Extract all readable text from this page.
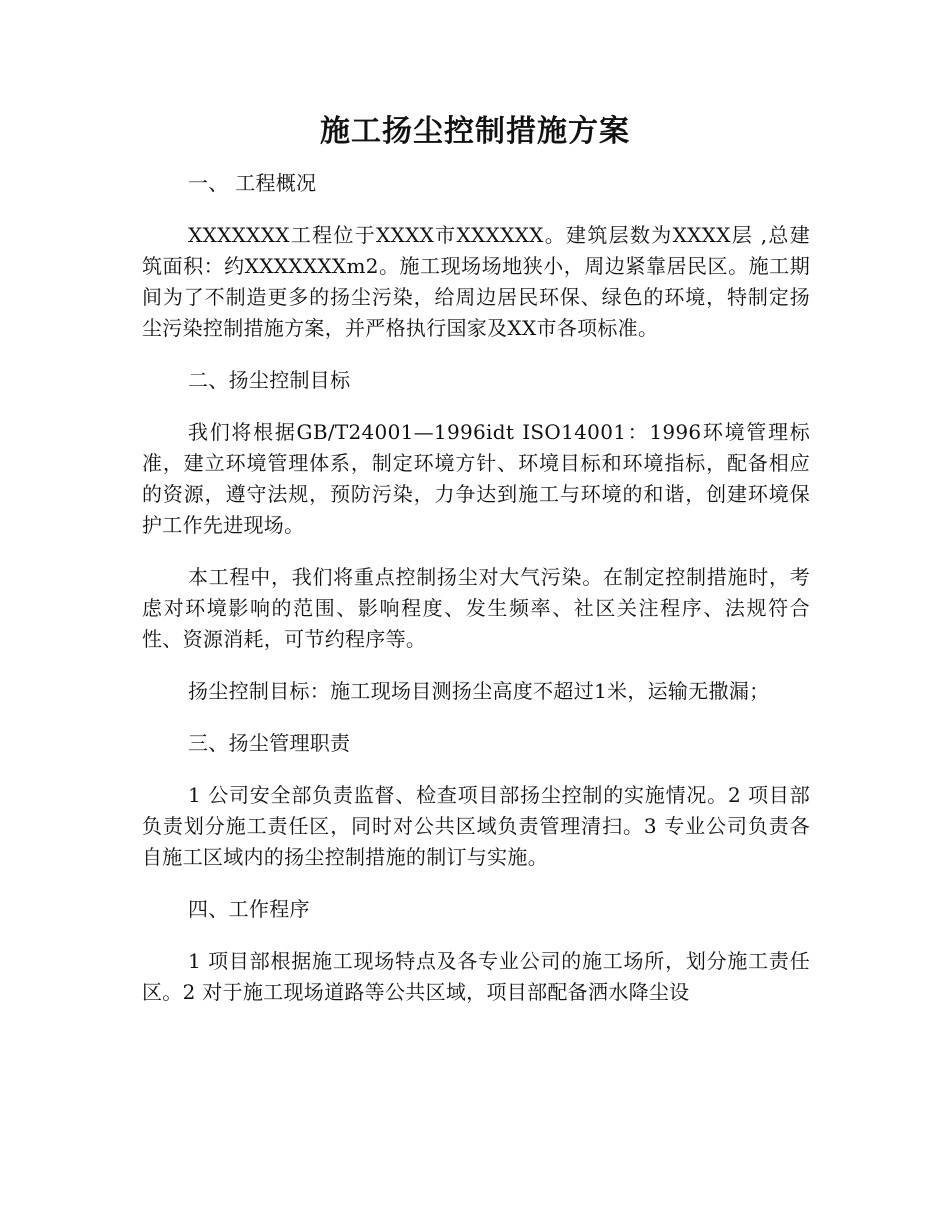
施工扬尘控制措施方案
一、 工程概况

XXXXXXX工程位于XXXX市XXXXXX。建筑层数为XXXX层 ,总建筑面积：约XXXXXXXm2。施工现场场地狭小，周边紧靠居民区。施工期间为了不制造更多的扬尘污染，给周边居民环保、绿色的环境，特制定扬尘污染控制措施方案，并严格执行国家及XX市各项标准。

二、扬尘控制目标

我们将根据GB/T24001—1996idt ISO14001：1996环境管理标准，建立环境管理体系，制定环境方针、环境目标和环境指标，配备相应的资源，遵守法规，预防污染，力争达到施工与环境的和谐，创建环境保护工作先进现场。

本工程中，我们将重点控制扬尘对大气污染。在制定控制措施时，考虑对环境影响的范围、影响程度、发生频率、社区关注程序、法规符合性、资源消耗，可节约程序等。

扬尘控制目标：施工现场目测扬尘高度不超过1米，运输无撒漏；

三、扬尘管理职责

1 公司安全部负责监督、检查项目部扬尘控制的实施情况。2 项目部负责划分施工责任区，同时对公共区域负责管理清扫。3 专业公司负责各自施工区域内的扬尘控制措施的制订与实施。

四、工作程序

1 项目部根据施工现场特点及各专业公司的施工场所，划分施工责任区。2 对于施工现场道路等公共区域，项目部配备洒水降尘设
